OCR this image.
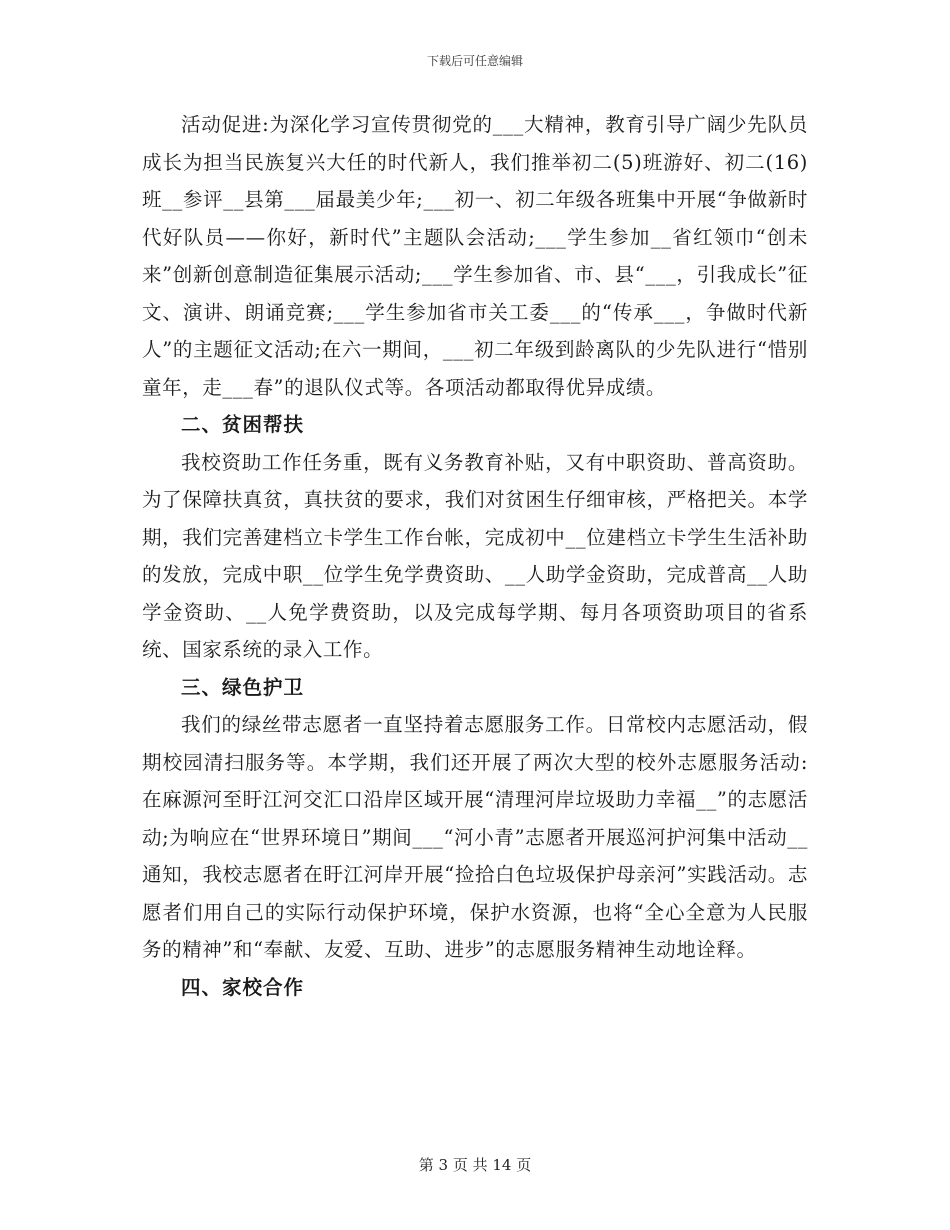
下载后可任意编辑

活动促进:为深化学习宣传贯彻党的___大精神，教育引导广阔少先队员成长为担当民族复兴大任的时代新人，我们推举初二(5)班游好、初二(16)班__参评__县第___届最美少年;___初一、初二年级各班集中开展“争做新时代好队员——你好，新时代”主题队会活动;___学生参加__省红领巾“创未来”创新创意制造征集展示活动;___学生参加省、市、县“___，引我成长”征文、演讲、朗诵竞赛;___学生参加省市关工委___的“传承___，争做时代新人”的主题征文活动;在六一期间，___初二年级到龄离队的少先队进行“惜别童年，走___春”的退队仪式等。各项活动都取得优异成绩。

二、贫困帮扶

我校资助工作任务重，既有义务教育补贴，又有中职资助、普高资助。为了保障扶真贫，真扶贫的要求，我们对贫困生仔细审核，严格把关。本学期，我们完善建档立卡学生工作台帐，完成初中__位建档立卡学生生活补助的发放，完成中职__位学生免学费资助、__人助学金资助，完成普高__人助学金资助、__人免学费资助，以及完成每学期、每月各项资助项目的省系统、国家系统的录入工作。

三、绿色护卫

我们的绿丝带志愿者一直坚持着志愿服务工作。日常校内志愿活动，假期校园清扫服务等。本学期，我们还开展了两次大型的校外志愿服务活动:在麻源河至盱江河交汇口沿岸区域开展“清理河岸垃圾助力幸福__”的志愿活动;为响应在“世界环境日”期间___“河小青”志愿者开展巡河护河集中活动__通知，我校志愿者在盱江河岸开展“捡拾白色垃圾保护母亲河”实践活动。志愿者们用自己的实际行动保护环境，保护水资源，也将“全心全意为人民服务的精神”和“奉献、友爱、互助、进步”的志愿服务精神生动地诠释。

四、家校合作

第 3 页 共 14 页
